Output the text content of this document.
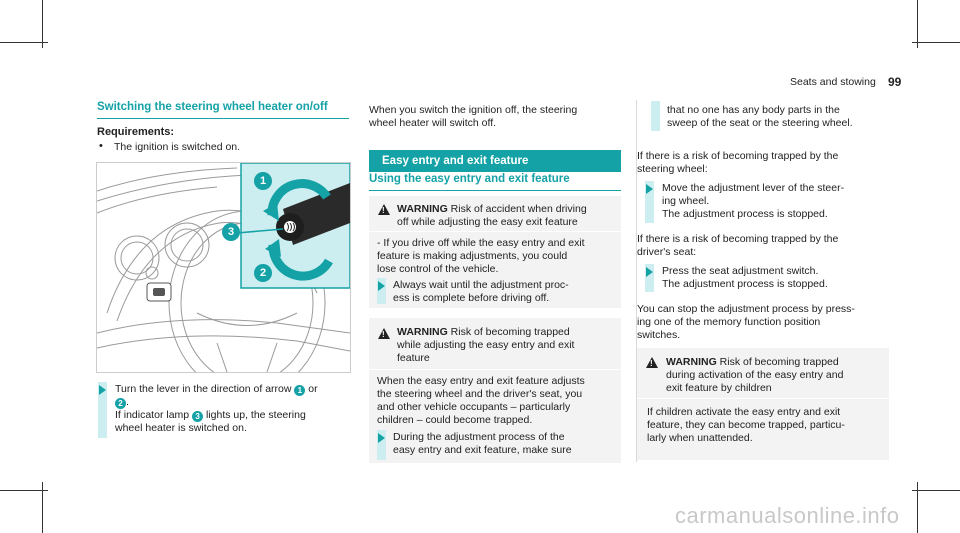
Seats and stowing 99
Switching the steering wheel heater on/off
Requirements:
• The ignition is switched on.
1
2
3
Turn the lever in the direction of arrow 1 or
2 .
If indicator lamp 3 lights up, the steering
wheel heater is switched on.
When you switch the ignition off, the steering
wheel heater will switch off.
Easy entry and exit feature
Using the easy entry and exit feature
!
WARNING Risk of accident when driving
off while adjusting the easy exit feature
- If you drive off while the easy entry and exit
feature is making adjustments, you could
lose control of the vehicle.
Always wait until the adjustment proc-
ess is complete before driving off.
!
WARNING Risk of becoming trapped
while adjusting the easy entry and exit
feature
When the easy entry and exit feature adjusts
the steering wheel and the driver's seat, you
and other vehicle occupants – particularly
children – could become trapped.
During the adjustment process of the
easy entry and exit feature, make sure
that no one has any body parts in the
sweep of the seat or the steering wheel.
If there is a risk of becoming trapped by the
steering wheel:
Move the adjustment lever of the steer-
ing wheel.
The adjustment process is stopped.
If there is a risk of becoming trapped by the
driver's seat:
Press the seat adjustment switch.
The adjustment process is stopped.
You can stop the adjustment process by press-
ing one of the memory function position
switches.
!
WARNING Risk of becoming trapped
during activation of the easy entry and
exit feature by children
If children activate the easy entry and exit
feature, they can become trapped, particu-
larly when unattended.
carmanualsonline.info
